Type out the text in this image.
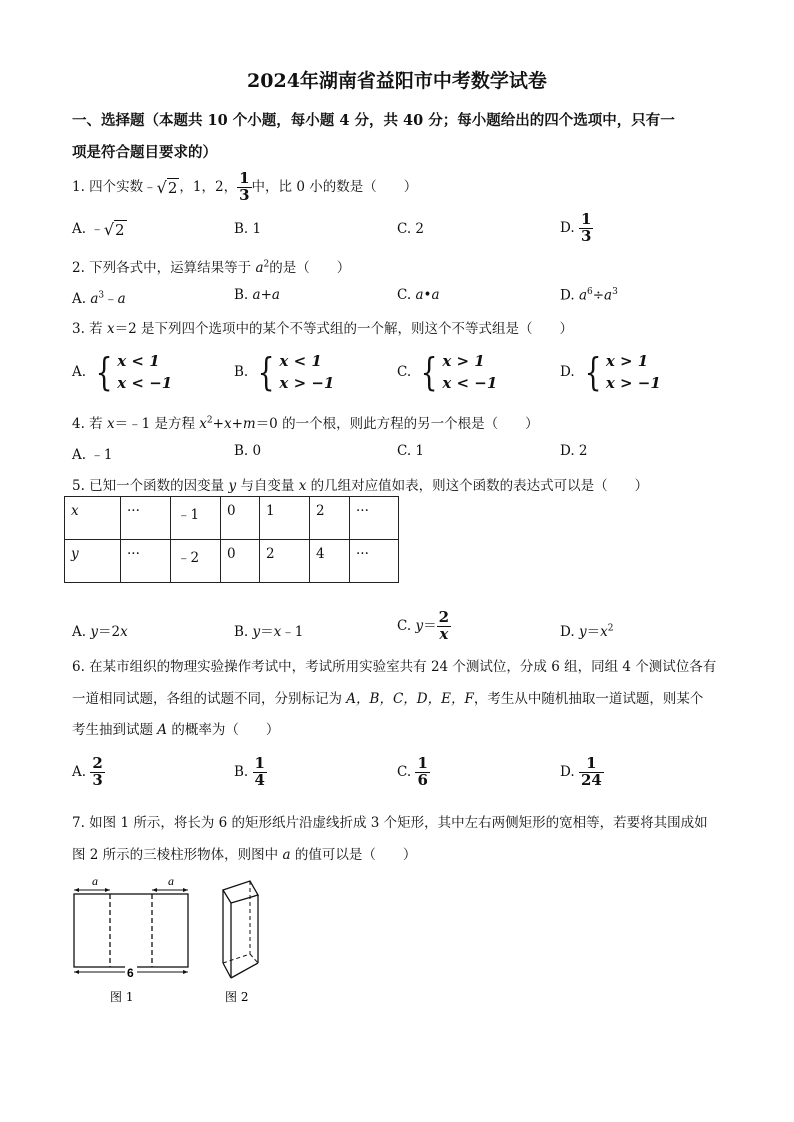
2024年湖南省益阳市中考数学试卷
一、选择题（本题共 10 个小题，每小题 4 分，共 40 分；每小题给出的四个选项中，只有一
项是符合题目要求的）
1. 四个实数﹣√2 ，1，2， $\frac{1}{3}$ 中，比 0 小的数是（　　）
A. ﹣√2	B. 1	C. 2	D. $\frac{1}{3}$
2. 下列各式中，运算结果等于 $a^2$的是（　　）
A. $a^3﹣a$	B. a+a	C. a•a	D. $a^6\div a^3$
3. 若 x＝2 是下列四个选项中的某个不等式组的一个解，则这个不等式组是（　　）
A. { x < 1
x < −1
B. { x < 1
x > −1
C. { x > 1
x < −1
D. { x > 1
x > −1
4. 若 x＝﹣1 是方程 $x^2+x+m=0$ 的一个根，则此方程的另一个根是（　　）
A. ﹣1	B. 0	C. 1	D. 2
5. 已知一个函数的因变量 y 与自变量 x 的几组对应值如表，则这个函数的表达式可以是（　　）
x	···	﹣1	0	1	2	···
y	···	﹣2	0	2	4	···
A. y＝2x	B. y＝x﹣1	C. $y= \frac{2}{x}$	D. $y=x^2$
6. 在某市组织的物理实验操作考试中，考试所用实验室共有 24 个测试位，分成 6 组，同组 4 个测试位各有
一道相同试题，各组的试题不同，分别标记为 A，B，C，D，E，F，考生从中随机抽取一道试题，则某个
考生抽到试题 A 的概率为（　　）
A. $\frac{2}{3}$	B. $\frac{1}{4}$	C. $\frac{1}{6}$	D. $\frac{1}{24}$
7. 如图 1 所示，将长为 6 的矩形纸片沿虚线折成 3 个矩形，其中左右两侧矩形的宽相等，若要将其围成如
图 2 所示的三棱柱形物体，则图中 a 的值可以是（　　）
a	a
6
图 1	图 2
